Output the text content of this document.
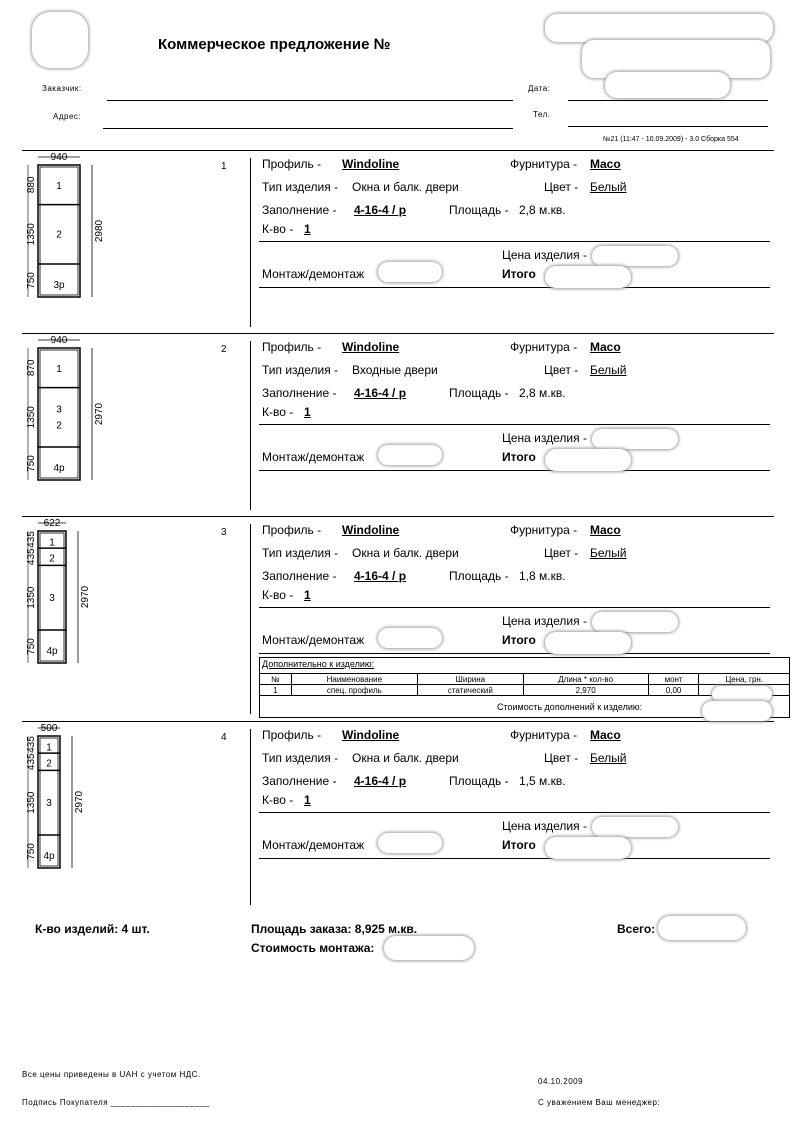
Коммерческое предложение №
Заказчик:
Адрес:
Дата:
Тел.
№21 (11:47 - 10.09.2009) - 3.0 Сборка 554
1	Профиль - Windoline	Фурнитура - Maco
Тип изделия - Окна и балк. двери	Цвет - Белый
Заполнение - 4-16-4 / р	Площадь - 2,8 м.кв.
К-во - 1
Цена изделия -
Монтаж/демонтаж	Итого
940
2980
880
1350
750
1
2
3р
2	Профиль - Windoline	Фурнитура - Maco
Тип изделия - Входные двери	Цвет - Белый
Заполнение - 4-16-4 / р	Площадь - 2,8 м.кв.
К-во - 1
Цена изделия -
Монтаж/демонтаж	Итого
940
2970
870
1350
750
1
3
2
4р
3	Профиль - Windoline	Фурнитура - Maco
Тип изделия - Окна и балк. двери	Цвет - Белый
Заполнение - 4-16-4 / р	Площадь - 1,8 м.кв.
К-во - 1
Цена изделия -
Монтаж/демонтаж	Итого
622
2970
435
435
1350
750
1
2
3
4р
4	Профиль - Windoline	Фурнитура - Maco
Тип изделия - Окна и балк. двери	Цвет - Белый
Заполнение - 4-16-4 / р	Площадь - 1,5 м.кв.
К-во - 1
Цена изделия -
Монтаж/демонтаж	Итого
500
2970
435
435
1350
750
1
2
3
4р
Дополнительно к изделию:
№	Наименование	Ширина	Длина * кол-во	монт	Цена, грн.
1	спец. профиль	статический	2,970	0,00	
Стоимость дополнений к изделию:
К-во изделий: 4 шт.	Площадь заказа: 8,925 м.кв.
Стоимость монтажа:
Всего:
Все цены приведены в UAH с учетом НДС.
Подпись Покупателя ____________________
04.10.2009
С уважением Ваш менеджер:
